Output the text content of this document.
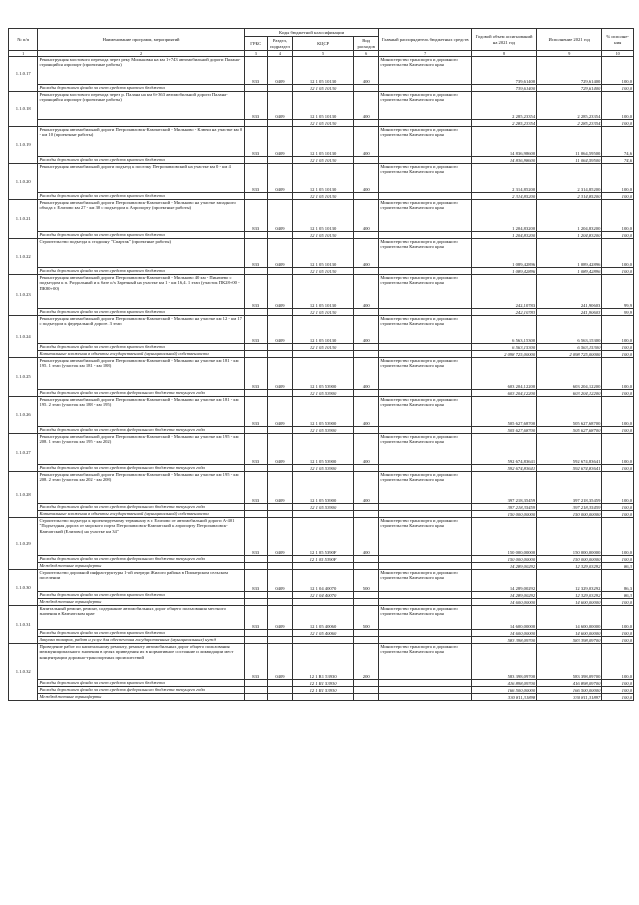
№ п/п	Наименование программ, мероприятий	Коды бюджетной классификации				Главный распорядитель бюджетных средств	Годовой объем ассигнований на 2021 год	Исполнение 2021 год	% исполне-ния
		ГРБС	Раздел, подраздел	КЦСР	Вид расходов				
1	2	3	4	5	6	7	8	9	10
1.1.0.17	Реконструкция мостового перехода через реку Мильковка на км 1+743 автомобильной дороги Палана-строящийся аэропорт (проектные работы)	833	0409	12 1 05 10130	400	Министерство транспорта и дорожного строительства Камчатского края	739,61400	729,61400	100,0
	Расходы дорожного фонда за счет средств краевого бюджета			12 1 05 10130			739,61400	729,61400	100,0
1.1.0.18	Реконструкция мостового перехода через р. Палана на км 6+363 автомобильной дороги Палана-строящийся аэропорт (проектные работы)	833	0409	12 1 05 10130	400	Министерство транспорта и дорожного строительства Камчатского края	2 285,23354	2 285,23354	100,0
				12 1 05 10130			2 285,23354	2 285,23354	100,0
1.1.0.19	Реконструкция автомобильной дороги Петропавловск-Камчатский - Мильково - Ключи на участке км 0 - км 10 (проектные работы)	833	0409	12 1 05 10130	400	Министерство транспорта и дорожного строительства Камчатского края	14 836,98600	11 064,59500	74,6
	Расходы дорожного фонда за счет средств краевого бюджета			12 1 05 10130			14 836,98600	11 064,59500	74,6
1.1.0.20	Реконструкция автомобильной дороги подъезд к поселку Петропавловский на участке км 0 - км 4	833	0409	12 1 05 10130	400	Министерство транспорта и дорожного строительства Камчатского края	2 314,85200	2 314,85200	100,0
	Расходы дорожного фонда за счет средств краевого бюджета			12 1 05 10130			2 314,85200	2 314,85200	100,0
1.1.0.21	Реконструкция автомобильной дороги Петропавловск-Камчатский - Мильково на участке западного обхода г. Елизово км 27 - км 30 с подъездом к Аэропорту (проектные работы)	833	0409	12 1 05 10130	400	Министерство транспорта и дорожного строительства Камчатского края	1 204,83200	1 204,83200	100,0
	Расходы дорожного фонда за счет средств краевого бюджета			12 1 05 10130			1 204,83200	1 204,83200	100,0
1.1.0.22	Строительство подъезда к стадиону "Спартак" (проектные работы)	833	0409	12 1 05 10130	400	Министерство транспорта и дорожного строительства Камчатского края	1 089,42896	1 089,42896	100,0
	Расходы дорожного фонда за счет средств краевого бюджета			12 1 05 10130			1 089,42896	1 089,42896	100,0
1.1.0.23	Реконструкция автомобильной дороги Петропавловск-Камчатский - Мильково 40 км - Пиначево с подъездом к п. Раздольный и к базе о/х Заречный на участке км 1 - км 16,4. 1 этап (участок ПК28+00 - ПК80+00)	833	0409	12 1 05 10130	400	Министерство транспорта и дорожного строительства Камчатского края	242,10783	241,90603	99,9
	Расходы дорожного фонда за счет средств краевого бюджета			12 1 05 10130			242,10783	241,90603	99,9
1.1.0.24	Реконструкция автомобильной дороги Петропавловск-Камчатский - Мильково на участке км 12 - км 17 с подъездом к федеральной дороге. 3 этап	833	0409	12 1 05 10130	400	Министерство транспорта и дорожного строительства Камчатского края	6 563,15300	6 563,15300	100,0
	Расходы дорожного фонда за счет средств краевого бюджета			12 1 05 10130			6 563,15300	6 563,15300	100,0
	Капитальные вложения в объекты государственной (муниципальной) собственности						2 098 725,00000	2 098 725,00000	100,0
1.1.0.25	Реконструкция автомобильной дороги Петропавловск-Камчатский - Мильково на участке км 181 - км 195. 1 этап (участок км 181 - км 188)	833	0409	12 1 05 53900	400	Министерство транспорта и дорожного строительства Камчатского края	603 204,12200	603 204,12200	100,0
	Расходы дорожного фонда за счет средств федерального бюджета текущего года			12 1 05 53900			603 204,12200	603 204,12200	100,0
1.1.0.26	Реконструкция автомобильной дороги Петропавловск-Камчатский - Мильково на участке км 181 - км 195. 2 этап (участок км 188 - км 195)	833	0409	12 1 05 53900	400	Министерство транспорта и дорожного строительства Камчатского края	505 627,68700	505 627,68700	100,0
	Расходы дорожного фонда за счет средств федерального бюджета текущего года			12 1 05 53900			505 627,68700	505 627,68700	100,0
1.1.0.27	Реконструкция автомобильной дороги Петропавловск-Камчатский - Мильково на участке км 195 - км 208. 1 этап (участок км 195 - км 202)	833	0409	12 1 05 53900	400	Министерство транспорта и дорожного строительства Камчатского края	592 674,83641	592 674,83641	100,0
	Расходы дорожного фонда за счет средств федерального бюджета текущего года			12 1 05 53900			592 674,83641	592 674,83641	100,0
1.1.0.28	Реконструкция автомобильной дороги Петропавловск-Камчатский - Мильково на участке км 195 - км 208. 2 этап (участок км 202 - км 208)	833	0409	12 1 05 53900	400	Министерство транспорта и дорожного строительства Камчатского края	397 218,35459	397 218,35459	100,0
	Расходы дорожного фонда за счет средств федерального бюджета текущего года			12 1 05 53900			397 218,35459	397 218,35459	100,0
	Капитальные вложения в объекты государственной (муниципальной) собственности						150 000,00000	150 000,00000	100,0
1.1.0.29	Строительство подъезда к проектируемому терминалу в г. Елизово от автомобильной дороги А-401 "Подъездная дорога от морского порта Петропавловск-Камчатский к аэропорту Петропавловск-Камчатский (Елизово) на участке км 34"	833	0409	12 1 05 5390F	400	Министерство транспорта и дорожного строительства Камчатского края	150 000,00000	150 000,00000	100,0
	Расходы дорожного фонда за счет средств федерального бюджета текущего года			12 1 05 5390F			150 000,00000	150 000,00000	100,0
	Межбюджетные трансферты						14 289,00292	12 329,03292	86,3
1.1.0.30	Строительство дорожной инфраструктуры 1-ой очереди Жилого района в Пионерском сельском поселении	833	0409	12 1 04 40070	500	Министерство транспорта и дорожного строительства Камчатского края	14 289,00292	12 329,03292	86,3
	Расходы дорожного фонда за счет средств краевого бюджета			12 1 04 40070			14 289,00292	12 329,03292	86,3
	Межбюджетные трансферты						14 600,00000	14 600,00000	100,0
1.1.0.31	Капитальный ремонт, ремонт, содержание автомобильных дорог общего пользования местного значения в Камчатском крае	833	0409	12 1 05 40060	500	Министерство транспорта и дорожного строительства Камчатского края	14 600,00000	14 600,00000	100,0
	Расходы дорожного фонда за счет средств краевого бюджета			12 1 05 40060			14 600,00000	14 600,00000	100,0
	Закупка товаров, работ и услуг для обеспечения государственных (муниципальных) нужд						583 398,09700	583 398,09700	100,0
1.1.0.32	Проведение работ по капитальному ремонту, ремонту автомобильных дорог общего пользования межмуниципального значения в целях приведения их в нормативное состояние и ликвидации мест концентрации дорожно-транспортных происшествий	833	0409	12 1 R1 53930	200	Министерство транспорта и дорожного строительства Камчатского края	583 398,09700	583 398,09700	100,0
	Расходы дорожного фонда за счет средств краевого бюджета			12 1 R1 53930			416 898,09700	416 898,09700	100,0
	Расходы дорожного фонда за счет средств федерального бюджета текущего года			12 1 R1 53930			166 500,00000	166 500,00000	100,0
	Межбюджетные трансферты						330 811,31898	330 811,31897	100,0
